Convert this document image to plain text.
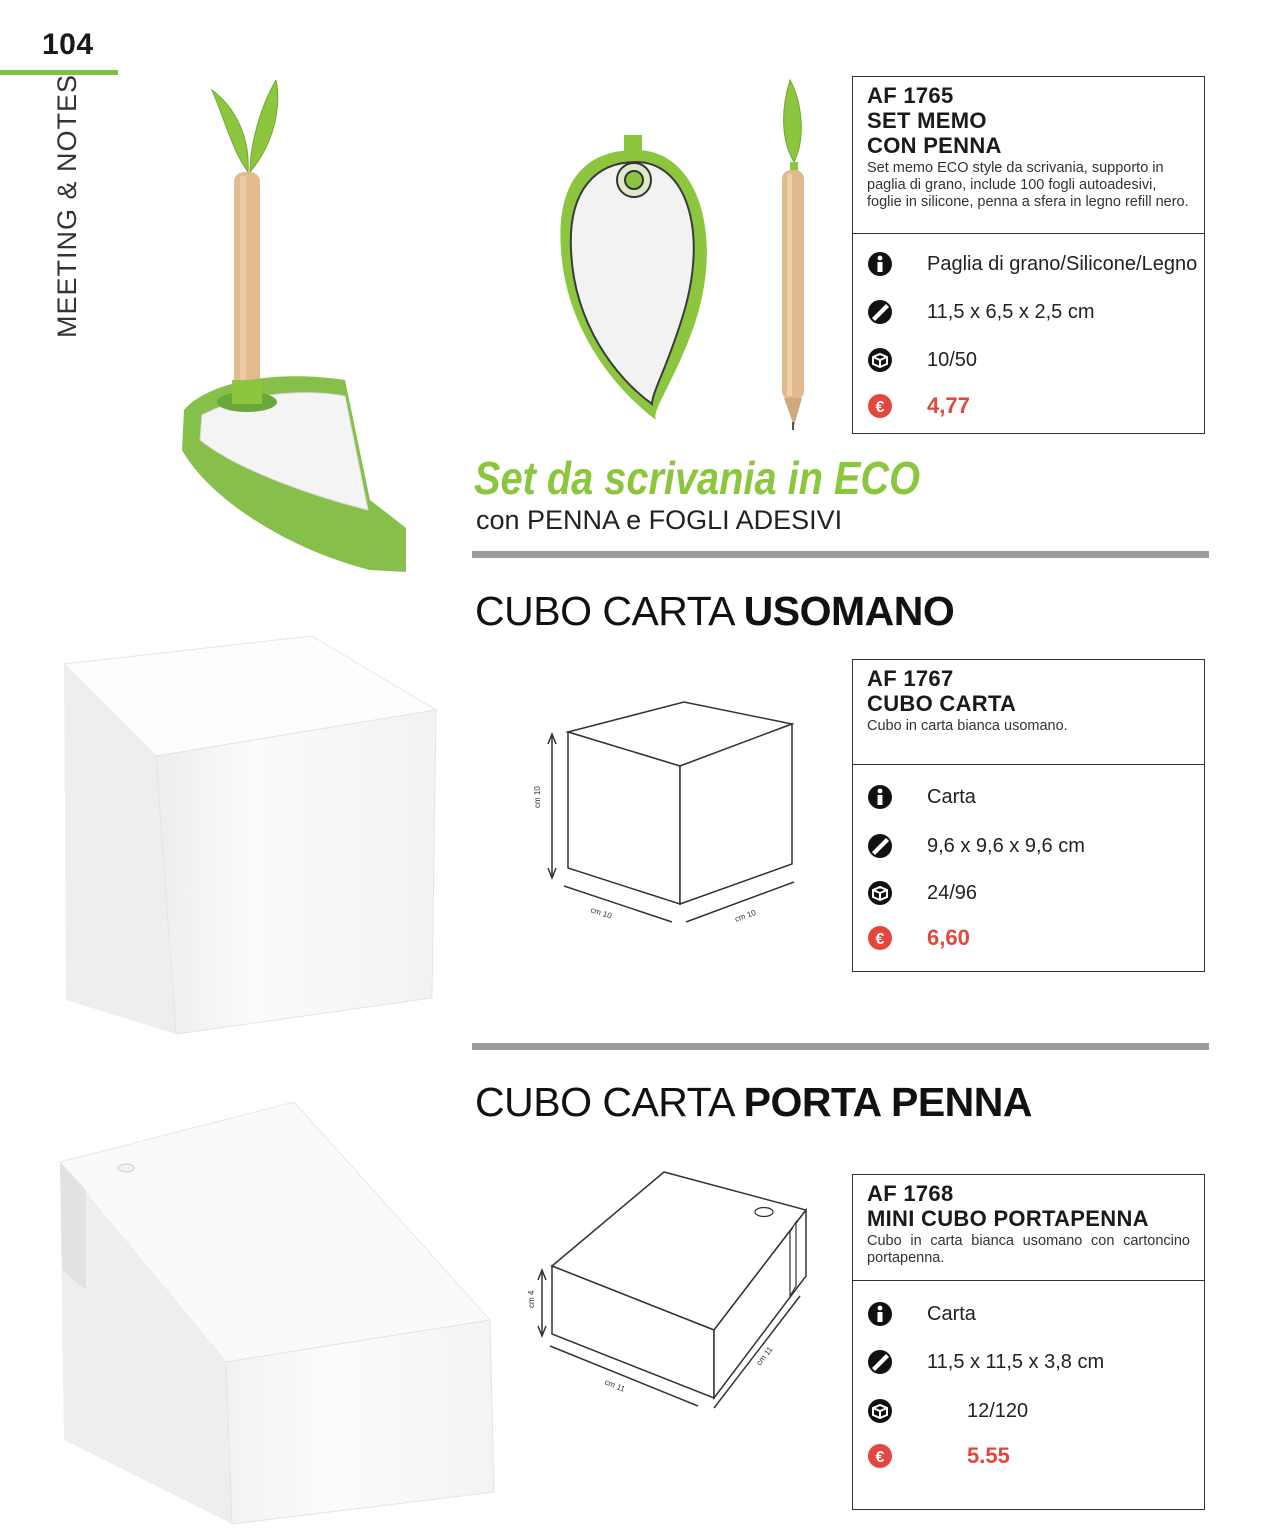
104
MEETING & NOTES	AF 1765
SET MEMO
CON PENNA
Set memo ECO style da scrivania, supporto in paglia di grano, include 100 fogli autoadesivi, foglie in silicone, penna a sfera in legno refill nero.
Paglia di grano/Silicone/Legno
11,5 x 6,5 x 2,5 cm
10/50
€ 4,77
Set da scrivania in ECO
con PENNA e FOGLI ADESIVI
CUBO CARTA USOMANO
cm 10
cm 10	cm 10
AF 1767
CUBO CARTA
Cubo in carta bianca usomano.
Carta
9,6 x 9,6 x 9,6 cm
24/96
€ 6,60
CUBO CARTA PORTA PENNA
cm 4
cm 11
cm 11
AF 1768
MINI CUBO PORTAPENNA
Cubo in carta bianca usomano con cartoncino portapenna.
Carta
11,5 x 11,5 x 3,8 cm
12/120
€	5.55
